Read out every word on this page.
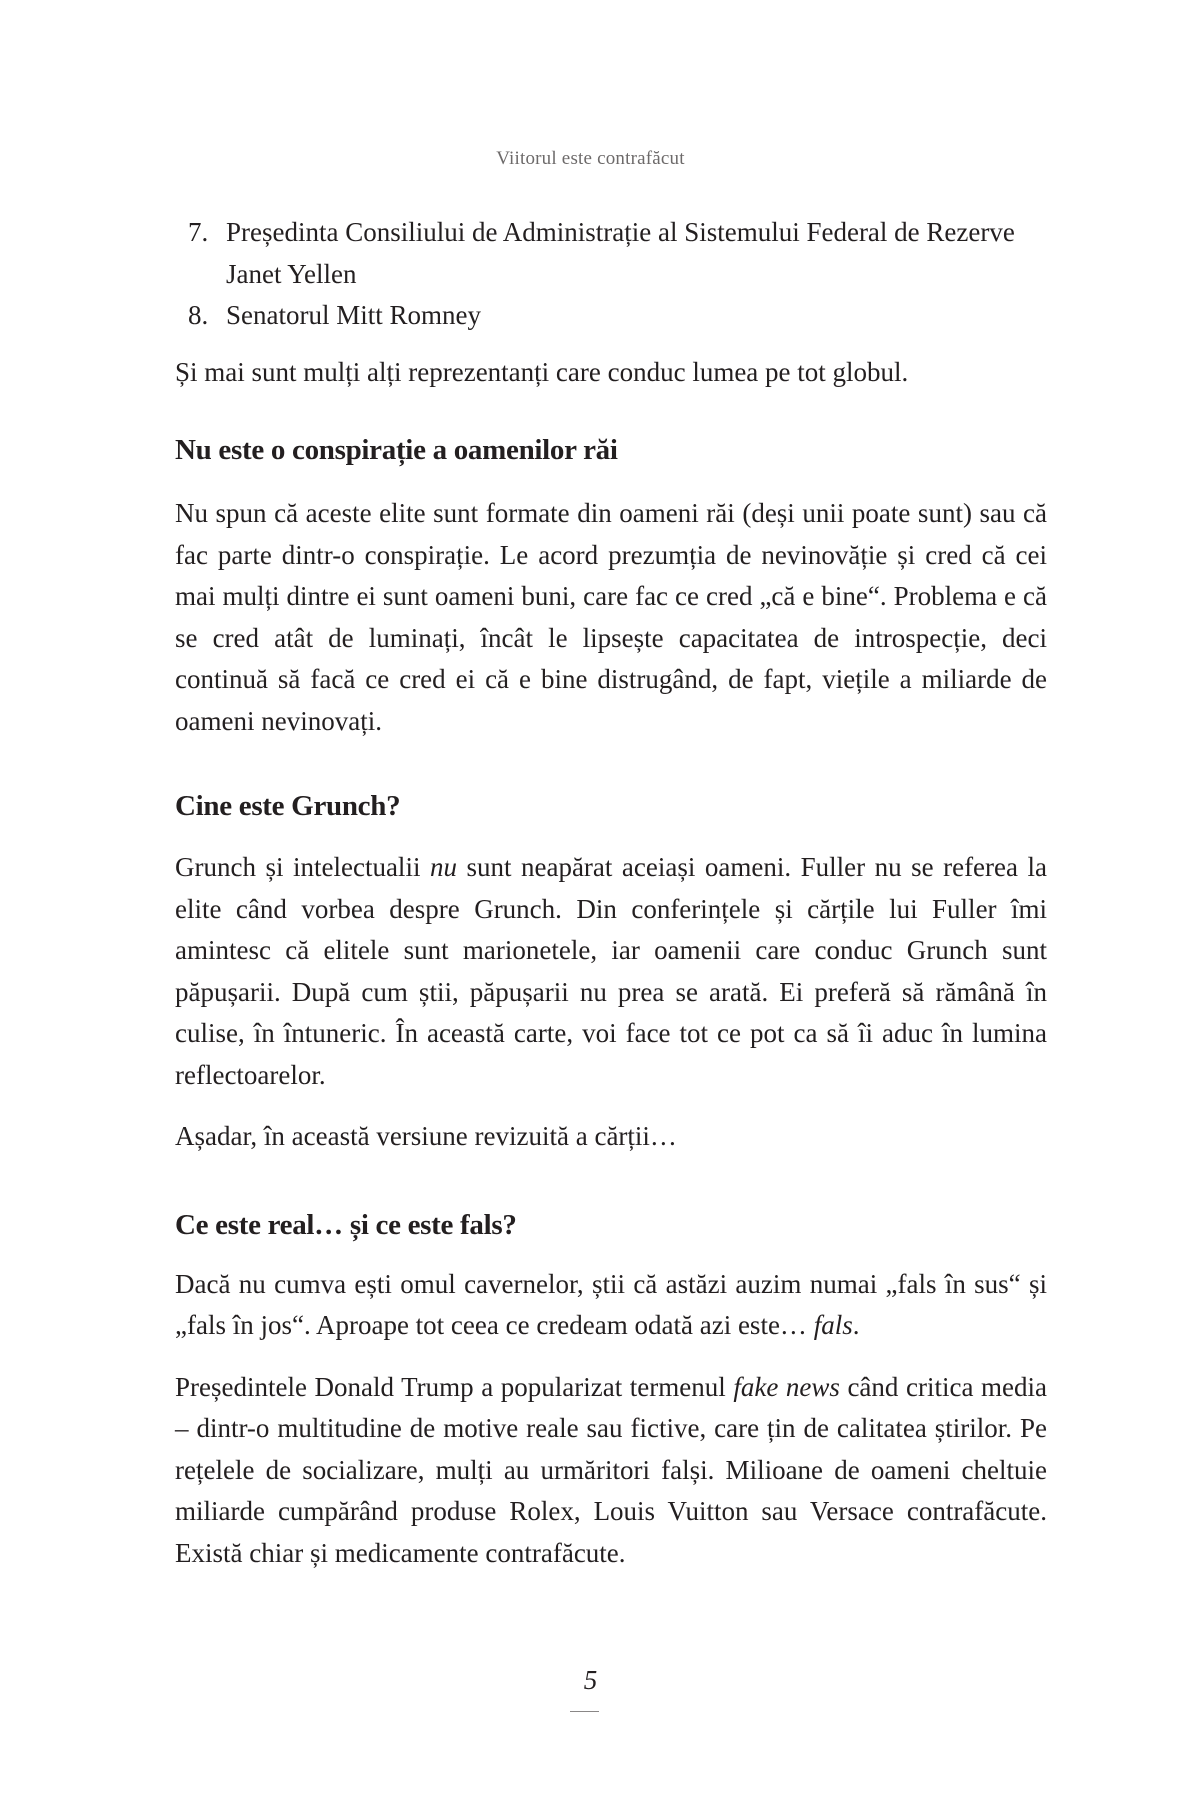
Viitorul este contrafăcut
7. Președinta Consiliului de Administrație al Sistemului Federal de Rezerve Janet Yellen
8. Senatorul Mitt Romney

Și mai sunt mulți alți reprezentanți care conduc lumea pe tot globul.

Nu este o conspirație a oamenilor răi

Nu spun că aceste elite sunt formate din oameni răi (deși unii poate sunt) sau că fac parte dintr-o conspirație. Le acord prezumția de nevinovăție și cred că cei mai mulți dintre ei sunt oameni buni, care fac ce cred „că e bine“. Problema e că se cred atât de luminați, încât le lipsește capacitatea de introspecție, deci continuă să facă ce cred ei că e bine distrugând, de fapt, viețile a miliarde de oameni nevinovați.

Cine este Grunch?

Grunch și intelectualii nu sunt neapărat aceiași oameni. Fuller nu se referea la elite când vorbea despre Grunch. Din conferințele și cărțile lui Fuller îmi amintesc că elitele sunt marionetele, iar oamenii care conduc Grunch sunt păpușarii. După cum știi, păpușarii nu prea se arată. Ei preferă să rămână în culise, în întuneric. În această carte, voi face tot ce pot ca să îi aduc în lumina reflectoarelor.

Așadar, în această versiune revizuită a cărții…

Ce este real… și ce este fals?

Dacă nu cumva ești omul cavernelor, știi că astăzi auzim numai „fals în sus“ și „fals în jos“. Aproape tot ceea ce credeam odată azi este… fals.

Președintele Donald Trump a popularizat termenul fake news când critica media – dintr-o multitudine de motive reale sau fictive, care țin de calitatea știrilor. Pe rețelele de socializare, mulți au urmăritori falși. Milioane de oameni cheltuie miliarde cumpărând produse Rolex, Louis Vuitton sau Versace contrafăcute. Există chiar și medicamente contrafăcute.

5
